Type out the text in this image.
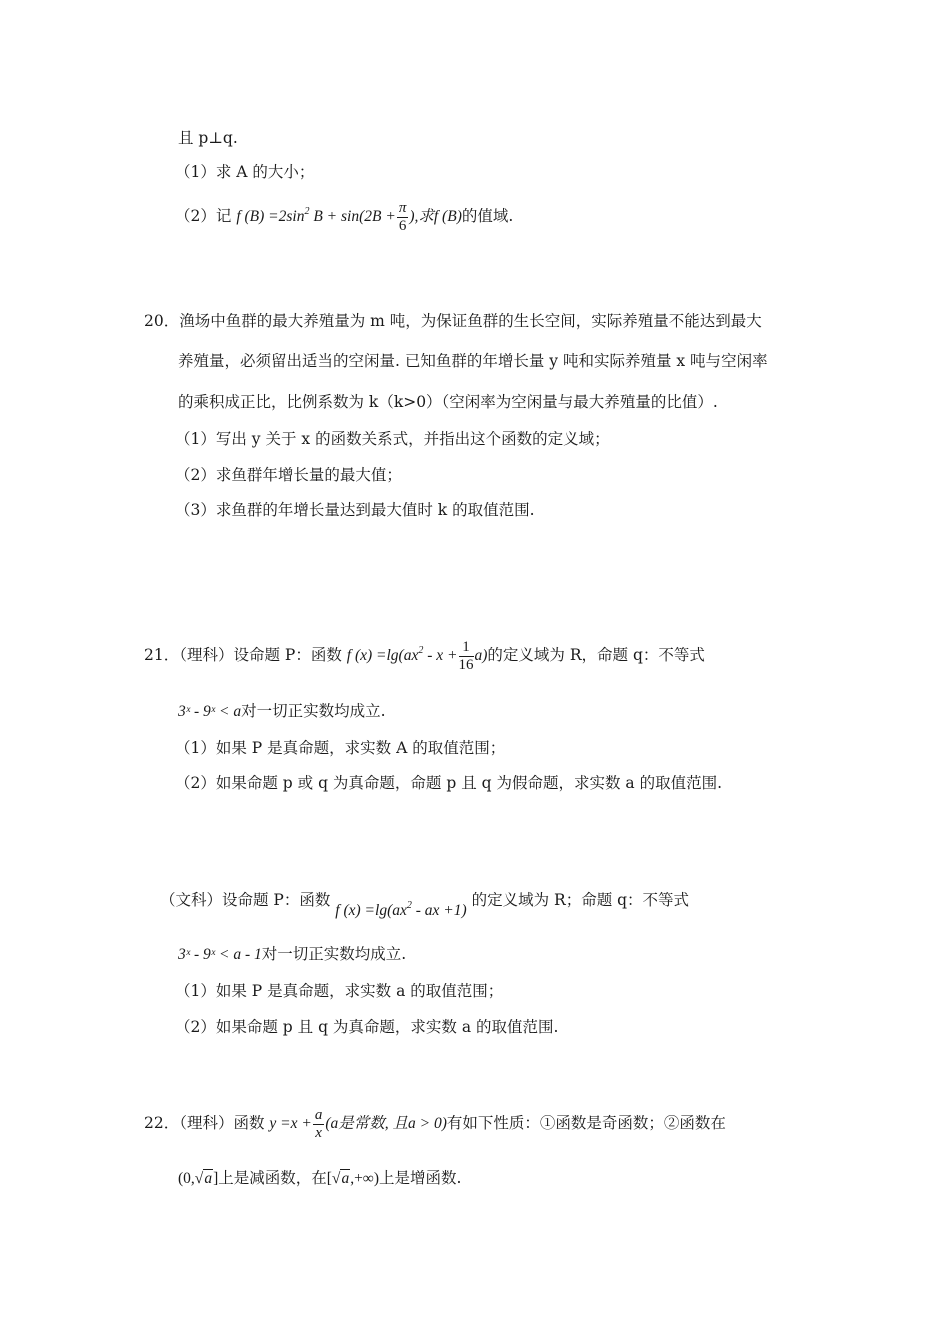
且 p⊥q.
（1）求 A 的大小；
（2）记 f $(B) =2\sin^2$ $B + \sin(2B + \frac{\pi}{6}$ ),求f (B)的值域.
20．渔场中鱼群的最大养殖量为 m 吨，为保证鱼群的生长空间，实际养殖量不能达到最大
养殖量，必须留出适当的空闲量. 已知鱼群的年增长量 y 吨和实际养殖量 x 吨与空闲率
的乘积成正比，比例系数为 k（k>0）（空闲率为空闲量与最大养殖量的比值）.
（1）写出 y 关于 x 的函数关系式，并指出这个函数的定义域；
（2）求鱼群年增长量的最大值；
（3）求鱼群的年增长量达到最大值时 k 的取值范围.
21．（理科）设命题 P：函数 f $(x) =\lg(ax^2 - x + \frac{1}{16} a)$的定义域为 R，命题 q：不等式
3ˣ - 9ˣ < a对一切正实数均成立.
（1）如果 P 是真命题，求实数 A 的取值范围；
（2）如果命题 p 或 q 为真命题，命题 p 且 q 为假命题，求实数 a 的取值范围.
（文科）设命题 P：函数 f $(x) =\lg(ax^2$ - ax +1) 的定义域为 R；命题 q：不等式
3ˣ - 9ˣ < a - 1对一切正实数均成立.
（1）如果 P 是真命题，求实数 a 的取值范围；
（2）如果命题 p 且 q 为真命题，求实数 a 的取值范围.
22．（理科）函数 $y =x + \frac{a}{x} (a$是常数, 且a > 0)有如下性质：①函数是奇函数；②函数在
(0,√a]上是减函数，在[√a,+∞)上是增函数.
